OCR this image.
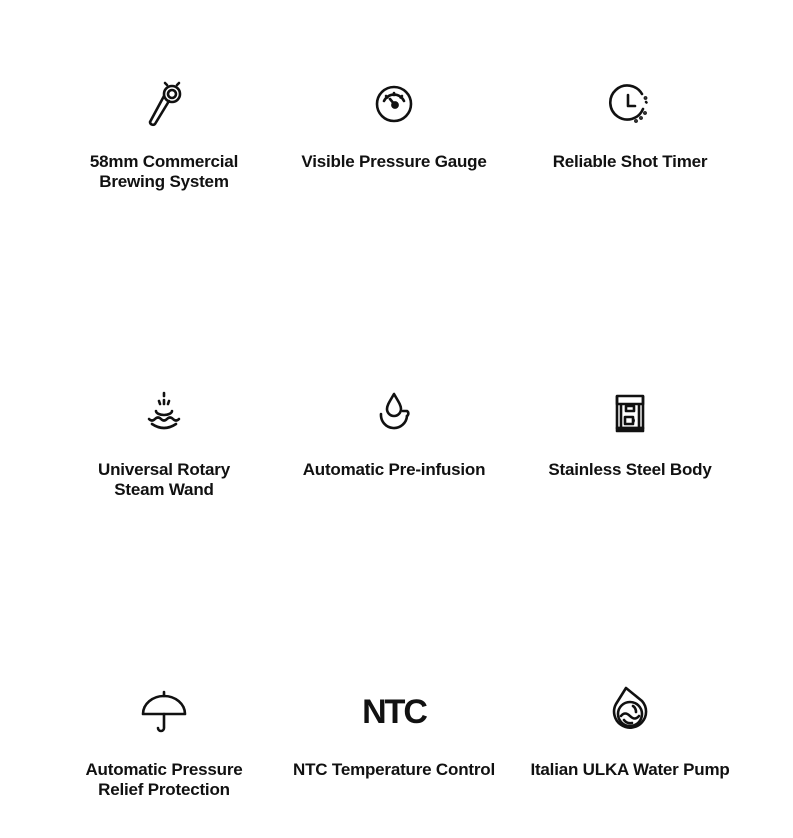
58mm Commercial
Brewing System
Visible Pressure Gauge	Reliable Shot Timer
Universal Rotary
Steam Wand
Automatic Pre-infusion	Stainless Steel Body
Automatic Pressure
Relief Protection
NTC
NTC Temperature Control Italian ULKA Water Pump
